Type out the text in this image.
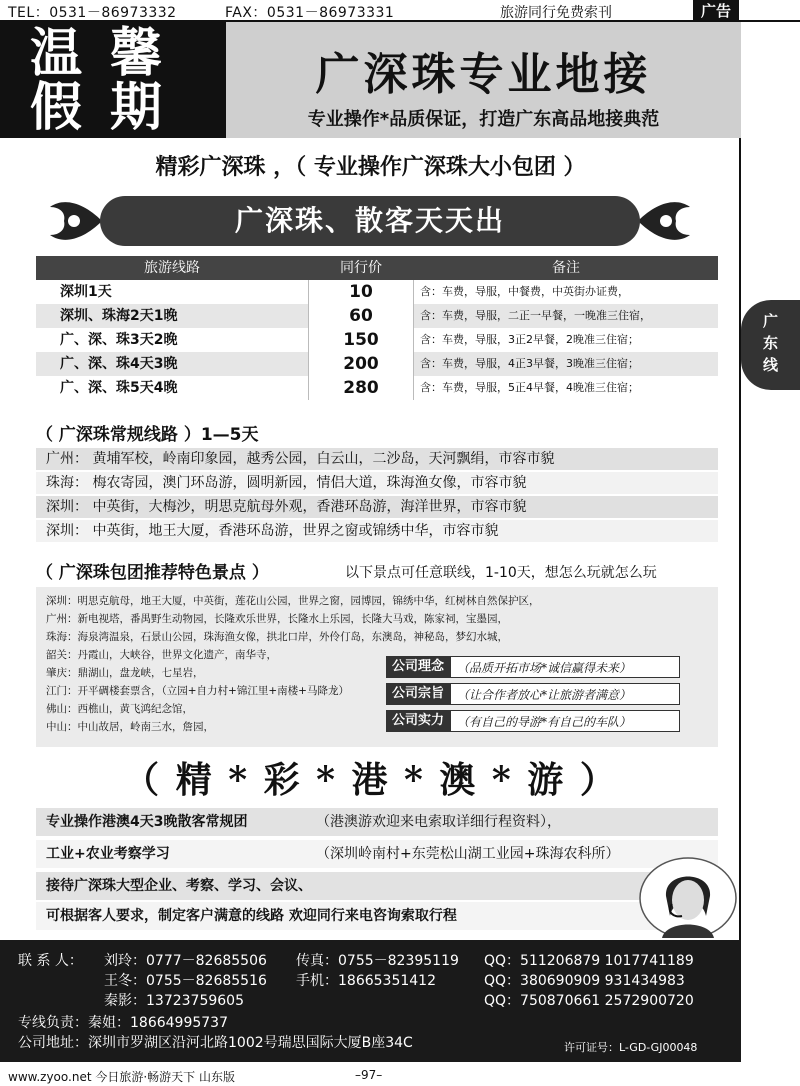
TEL：0531－86973332	FAX：0531－86973331	旅游同行免费索刊	广告
温 馨
假 期
广深珠专业地接
专业操作*品质保证，打造广东高品地接典范
精彩广深珠 ，（ 专业操作广深珠大小包团 ）
广深珠、散客天天出
旅游线路	同行价	备注
深圳1天	10	含：车费，导服，中餐费，中英街办证费，
深圳、珠海2天1晚	60	含：车费，导服，二正一早餐，一晚准三住宿，
广、深、珠3天2晚	150	含：车费，导服，3正2早餐，2晚准三住宿；
广、深、珠4天3晚	200	含：车费，导服，4正3早餐，3晚准三住宿；
广、深、珠5天4晚	280	含：车费，导服，5正4早餐，4晚准三住宿；
（ 广深珠常规线路 ）1—5天
广州： 黄埔军校，岭南印象园，越秀公园，白云山，二沙岛，天河飘绢，市容市貌
珠海： 梅农寄园，澳门环岛游，圆明新园，情侣大道，珠海渔女像，市容市貌
深圳： 中英街，大梅沙，明思克航母外观，香港环岛游，海洋世界，市容市貌
深圳： 中英街，地王大厦，香港环岛游，世界之窗或锦绣中华，市容市貌
（ 广深珠包团推荐特色景点 ）	以下景点可任意联线，1-10天，想怎么玩就怎么玩
深圳：明思克航母，地王大厦，中英街，莲花山公园，世界之窗，园博园，锦绣中华，红树林自然保护区，
广州：新电视塔，番禺野生动物园，长隆欢乐世界，长隆水上乐园，长隆大马戏，陈家祠，宝墨园，
珠海：海泉湾温泉，石景山公园，珠海渔女像，拱北口岸，外伶仃岛，东澳岛，神秘岛，梦幻水城，
韶关：丹霞山，大峡谷，世界文化遗产，南华寺，
肇庆：鼎湖山，盘龙峡，七星岩，
江门：开平碉楼套票含，（立园+自力村+锦江里+南楼+马降龙）
佛山：西樵山，黄飞鸿纪念馆，
中山：中山故居，岭南三水，詹园，
公司理念 （品质开拓市场*诚信赢得未来）
公司宗旨 （让合作者放心*让旅游者满意）
公司实力 （有自己的导游*有自己的车队）
（ 精 * 彩 * 港 * 澳 * 游 ）
专业操作港澳4天3晚散客常规团	（港澳游欢迎来电索取详细行程资料），
工业+农业考察学习	（深圳岭南村+东莞松山湖工业园+珠海农科所）
接待广深珠大型企业、考察、学习、会议、
可根据客人要求，制定客户满意的线路 欢迎同行来电咨询索取行程
联 系 人： 刘玲：0777－82685506
王冬：0755－82685516
秦影：13723759605
传真：0755－82395119
手机：18665351412
QQ：511206879 1017741189
QQ：380690909 931434983
QQ：750870661 2572900720
专线负责：秦姐：18664995737
公司地址：深圳市罗湖区沿河北路1002号瑞思国际大厦B座34C	许可证号：L-GD-GJ00048
www.zyoo.net 今日旅游·畅游天下 山东版	–97–
广
东
线
